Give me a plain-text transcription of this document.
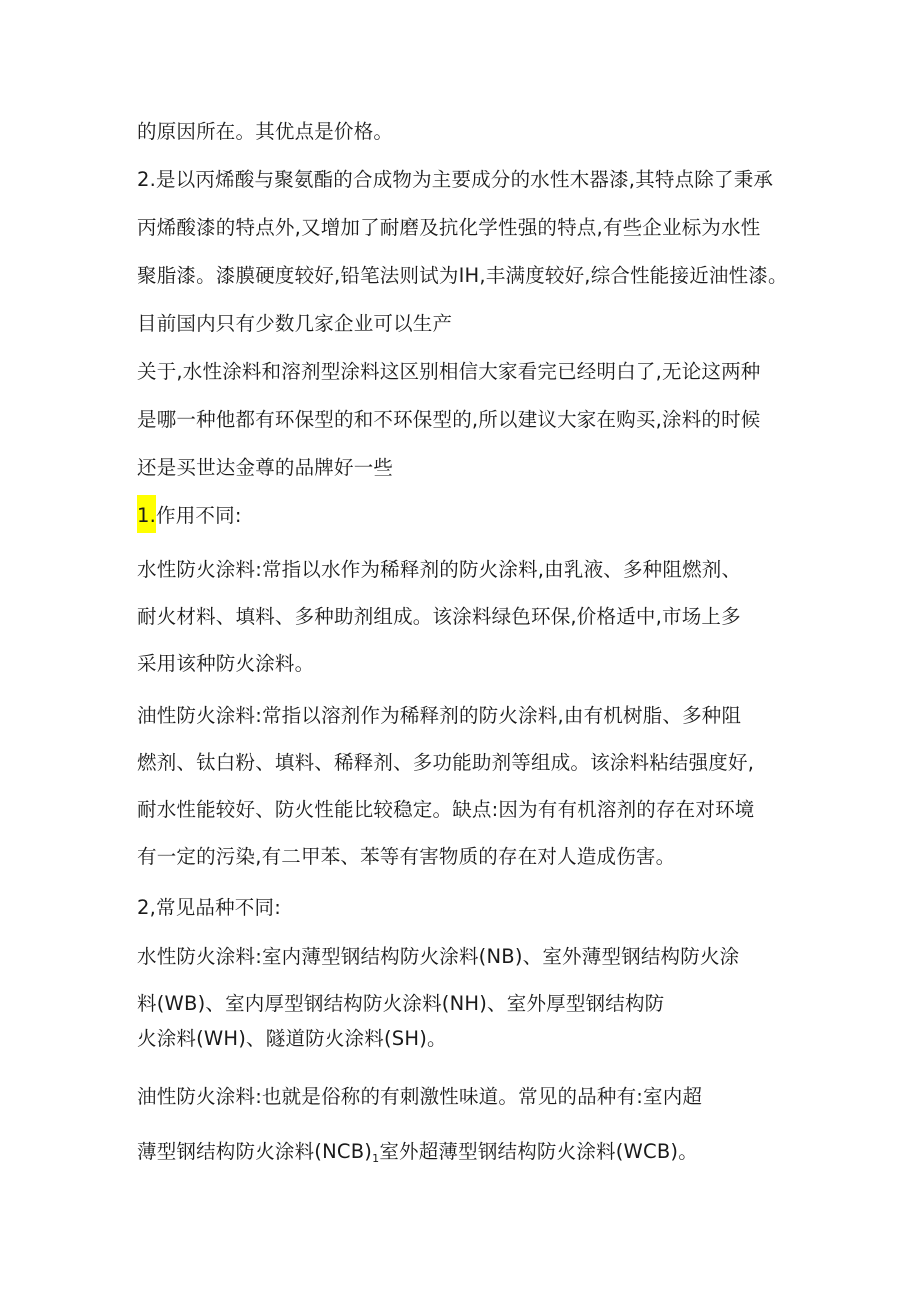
的原因所在。其优点是价格。
2.是以丙烯酸与聚氨酯的合成物为主要成分的水性木器漆,其特点除了秉承
丙烯酸漆的特点外,又增加了耐磨及抗化学性强的特点,有些企业标为水性
聚脂漆。漆膜硬度较好,铅笔法则试为IH,丰满度较好,综合性能接近油性漆。
目前国内只有少数几家企业可以生产
关于,水性涂料和溶剂型涂料这区别相信大家看完已经明白了,无论这两种
是哪一种他都有环保型的和不环保型的,所以建议大家在购买,涂料的时候
还是买世达金尊的品牌好一些
1.作用不同:
水性防火涂料:常指以水作为稀释剂的防火涂料,由乳液、多种阻燃剂、
耐火材料、填料、多种助剂组成。该涂料绿色环保,价格适中,市场上多
采用该种防火涂料。
油性防火涂料:常指以溶剂作为稀释剂的防火涂料,由有机树脂、多种阻
燃剂、钛白粉、填料、稀释剂、多功能助剂等组成。该涂料粘结强度好,
耐水性能较好、防火性能比较稳定。缺点:因为有有机溶剂的存在对环境
有一定的污染,有二甲苯、苯等有害物质的存在对人造成伤害。
2,常见品种不同:
水性防火涂料:室内薄型钢结构防火涂料(NB)、室外薄型钢结构防火涂
料(WB)、室内厚型钢结构防火涂料(NH)、室外厚型钢结构防
火涂料(WH)、隧道防火涂料(SH)。
油性防火涂料:也就是俗称的有刺激性味道。常见的品种有:室内超
薄型钢结构防火涂料$(NCB)_1$室外超薄型钢结构防火涂料(WCB)。
